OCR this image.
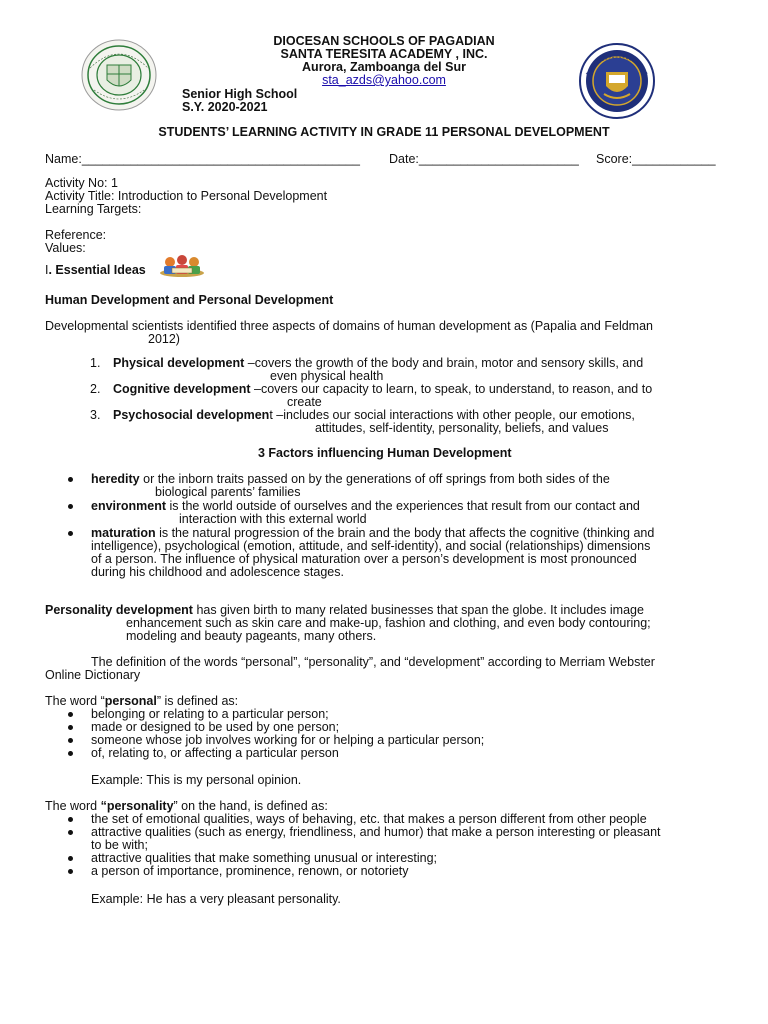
DIOCESAN SCHOOLS OF PAGADIAN
SANTA TERESITA ACADEMY , INC.
Aurora, Zamboanga del Sur
sta_azds@yahoo.com
Senior High School
S.Y. 2020-2021
STUDENTS’ LEARNING ACTIVITY IN GRADE 11 PERSONAL DEVELOPMENT
Name:________________________________________ Date:_______________________ Score:____________
Activity No: 1
Activity Title: Introduction to Personal Development
Learning Targets:
Reference:
Values:
I. Essential Ideas
Human Development and Personal Development
Developmental scientists identified three aspects of domains of human development as (Papalia and Feldman
2012)
1. Physical development –covers the growth of the body and brain, motor and sensory skills, and
even physical health
2. Cognitive development –covers our capacity to learn, to speak, to understand, to reason, and to
create
3. Psychosocial development –includes our social interactions with other people, our emotions,
attitudes, self-identity, personality, beliefs, and values
3 Factors influencing Human Development
heredity or the inborn traits passed on by the generations of off springs from both sides of the
biological parents’ families
environment is the world outside of ourselves and the experiences that result from our contact and
interaction with this external world
maturation is the natural progression of the brain and the body that affects the cognitive (thinking and
intelligence), psychological (emotion, attitude, and self-identity), and social (relationships) dimensions
of a person. The influence of physical maturation over a person’s development is most pronounced
during his childhood and adolescence stages.
Personality development has given birth to many related businesses that span the globe. It includes image
enhancement such as skin care and make-up, fashion and clothing, and even body contouring;
modeling and beauty pageants, many others.
The definition of the words “personal”, “personality”, and “development” according to Merriam Webster
Online Dictionary
The word “personal” is defined as:
belonging or relating to a particular person;
made or designed to be used by one person;
someone whose job involves working for or helping a particular person;
of, relating to, or affecting a particular person
Example: This is my personal opinion.
The word “personality” on the hand, is defined as:
the set of emotional qualities, ways of behaving, etc. that makes a person different from other people
attractive qualities (such as energy, friendliness, and humor) that make a person interesting or pleasant
to be with;
attractive qualities that make something unusual or interesting;
a person of importance, prominence, renown, or notoriety
Example: He has a very pleasant personality.
